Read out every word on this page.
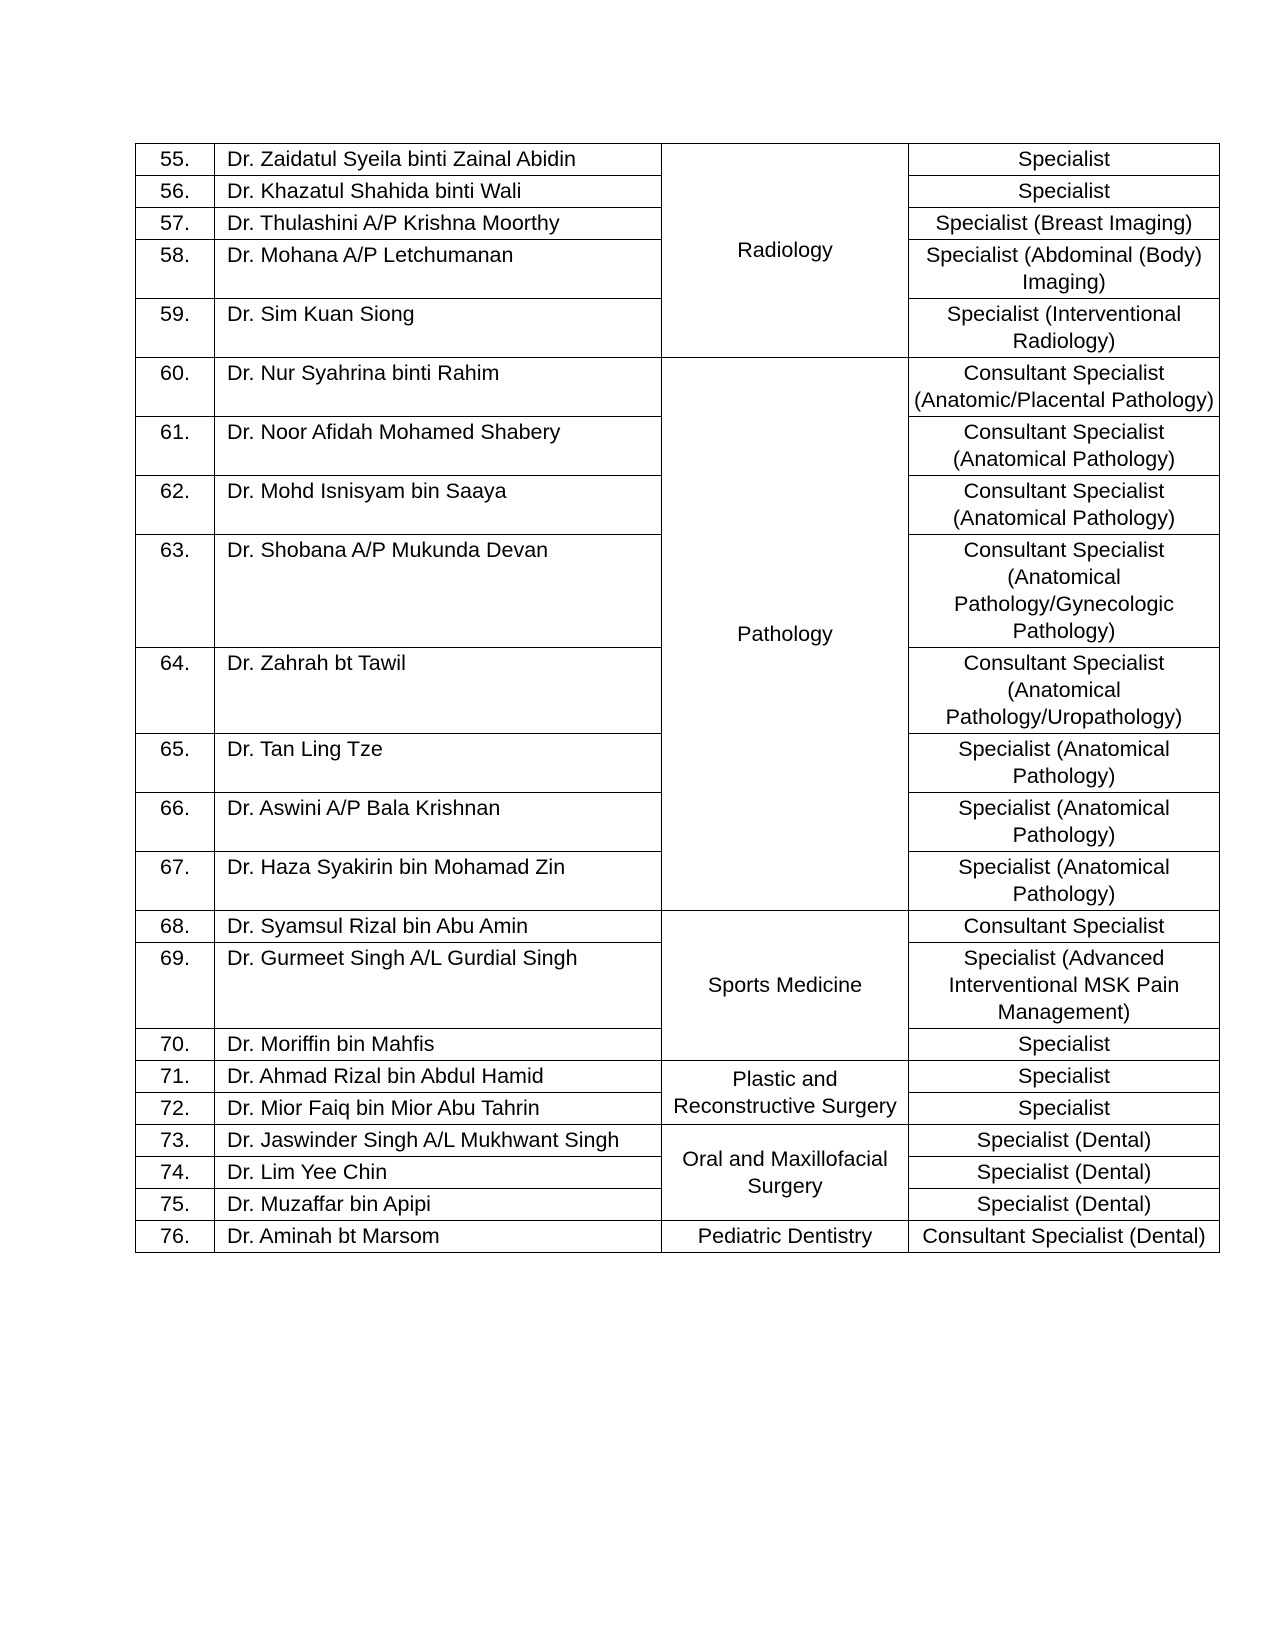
55.	Dr. Zaidatul Syeila binti Zainal Abidin	Radiology	Specialist
56.	Dr. Khazatul Shahida binti Wali		Specialist
57.	Dr. Thulashini A/P Krishna Moorthy		Specialist (Breast Imaging)
58.	Dr. Mohana A/P Letchumanan		Specialist (Abdominal (Body) Imaging)
59.	Dr. Sim Kuan Siong		Specialist (Interventional Radiology)
60.	Dr. Nur Syahrina binti Rahim	Pathology	Consultant Specialist (Anatomic/Placental Pathology)
61.	Dr. Noor Afidah Mohamed Shabery		Consultant Specialist (Anatomical Pathology)
62.	Dr. Mohd Isnisyam bin Saaya		Consultant Specialist (Anatomical Pathology)
63.	Dr. Shobana A/P Mukunda Devan		Consultant Specialist (Anatomical Pathology/Gynecologic Pathology)
64.	Dr. Zahrah bt Tawil		Consultant Specialist (Anatomical Pathology/Uropathology)
65.	Dr. Tan Ling Tze		Specialist (Anatomical Pathology)
66.	Dr. Aswini A/P Bala Krishnan		Specialist (Anatomical Pathology)
67.	Dr. Haza Syakirin bin Mohamad Zin		Specialist (Anatomical Pathology)
68.	Dr. Syamsul Rizal bin Abu Amin	Sports Medicine	Consultant Specialist
69.	Dr. Gurmeet Singh A/L Gurdial Singh		Specialist (Advanced Interventional MSK Pain Management)
70.	Dr. Moriffin bin Mahfis		Specialist
71.	Dr. Ahmad Rizal bin Abdul Hamid	Plastic and Reconstructive Surgery	Specialist
72.	Dr. Mior Faiq bin Mior Abu Tahrin		Specialist
73.	Dr. Jaswinder Singh A/L Mukhwant Singh	Oral and Maxillofacial Surgery	Specialist (Dental)
74.	Dr. Lim Yee Chin		Specialist (Dental)
75.	Dr. Muzaffar bin Apipi		Specialist (Dental)
76.	Dr. Aminah bt Marsom	Pediatric Dentistry	Consultant Specialist (Dental)
